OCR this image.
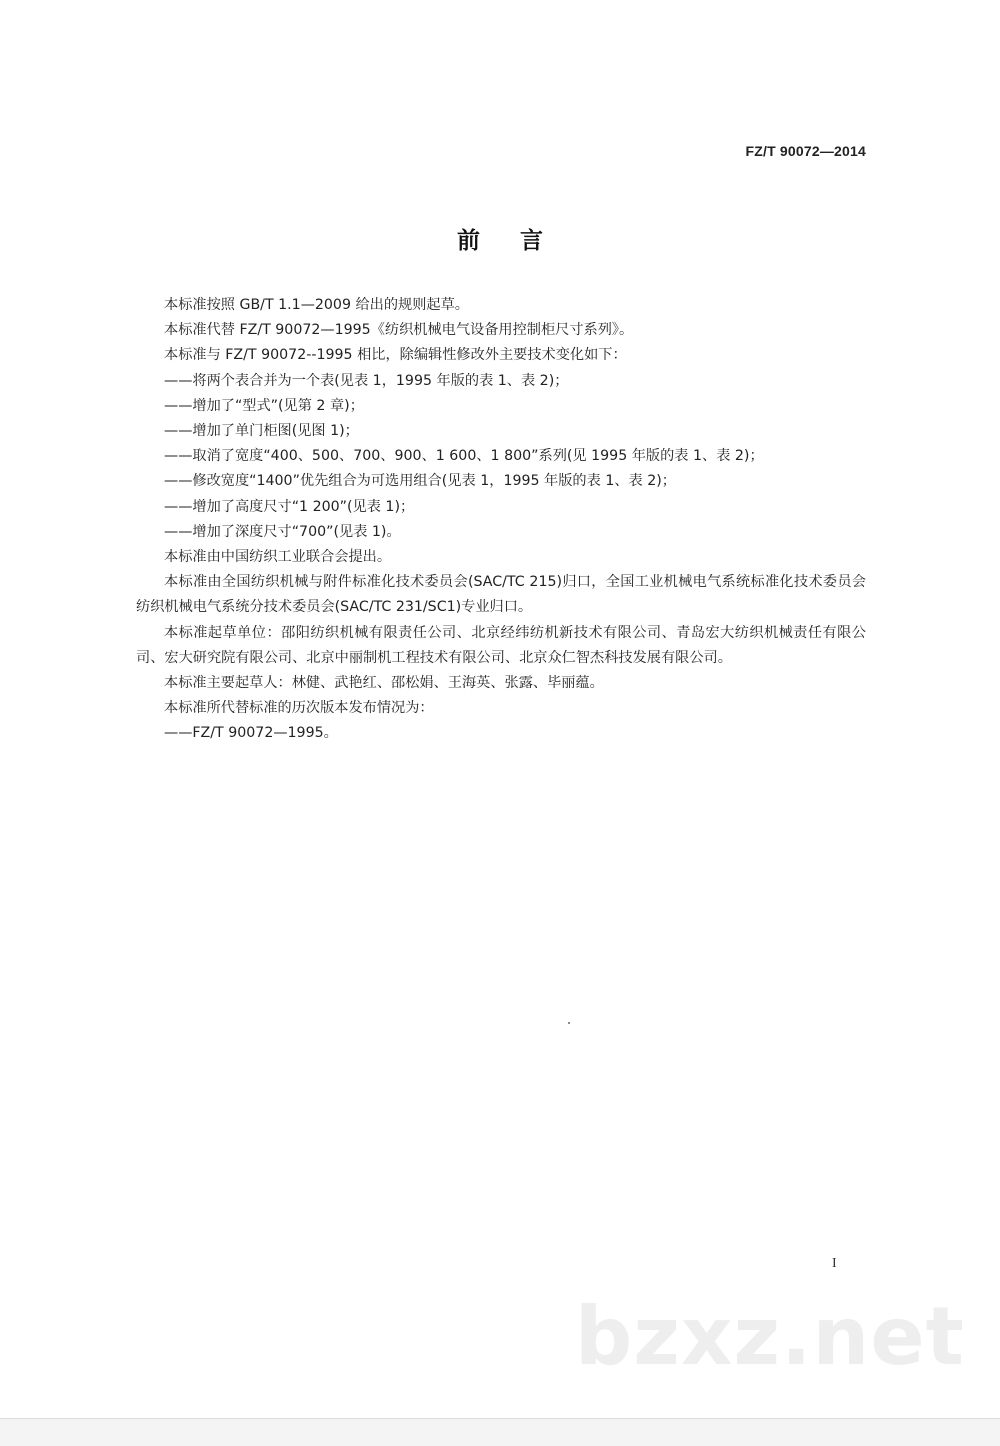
FZ/T 90072—2014
前言

本标准按照 GB/T 1.1—2009 给出的规则起草。

本标准代替 FZ/T 90072—1995《纺织机械电气设备用控制柜尺寸系列》。

本标准与 FZ/T 90072--1995 相比，除编辑性修改外主要技术变化如下：

——将两个表合并为一个表(见表 1，1995 年版的表 1、表 2)；

——增加了“型式”(见第 2 章)；

——增加了单门柜图(见图 1)；

——取消了宽度“400、500、700、900、1 600、1 800”系列(见 1995 年版的表 1、表 2)；

——修改宽度“1400”优先组合为可选用组合(见表 1，1995 年版的表 1、表 2)；

——增加了高度尺寸“1 200”(见表 1)；

——增加了深度尺寸“700”(见表 1)。

本标准由中国纺织工业联合会提出。

本标准由全国纺织机械与附件标准化技术委员会(SAC/TC 215)归口，全国工业机械电气系统标准化技术委员会纺织机械电气系统分技术委员会(SAC/TC 231/SC1)专业归口。

本标准起草单位：邵阳纺织机械有限责任公司、北京经纬纺机新技术有限公司、青岛宏大纺织机械责任有限公司、宏大研究院有限公司、北京中丽制机工程技术有限公司、北京众仁智杰科技发展有限公司。

本标准主要起草人：林健、武艳红、邵松娟、王海英、张露、毕丽蕴。

本标准所代替标准的历次版本发布情况为：

——FZ/T 90072—1995。

I
bzxz.net
